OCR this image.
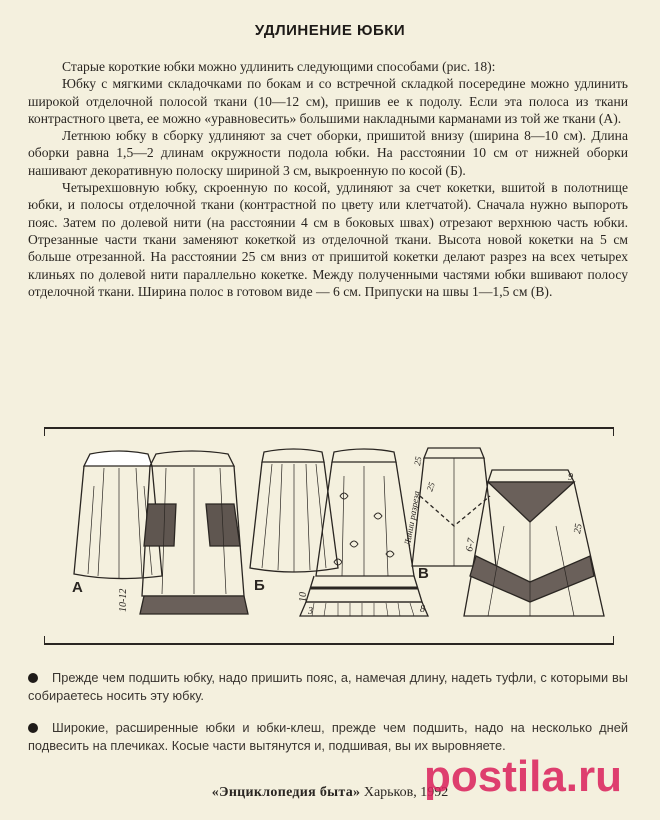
УДЛИНЕНИЕ ЮБКИ

Старые короткие юбки можно удлинить следующими способами (рис. 18):

Юбку с мягкими складочками по бокам и со встречной складкой посередине можно удлинить широкой отделочной полосой ткани (10—12 см), пришив ее к подолу. Если эта полоса из ткани контрастного цвета, ее можно «уравновесить» большими накладными карманами из той же ткани (А).

Летнюю юбку в сборку удлиняют за счет оборки, пришитой внизу (ширина 8—10 см). Длина оборки равна 1,5—2 длинам окружности подола юбки. На расстоянии 10 см от нижней оборки нашивают декоративную полоску шириной 3 см, выкроенную по косой (Б).

Четырехшовную юбку, скроенную по косой, удлиняют за счет кокетки, вшитой в полотнище юбки, и полосы отделочной ткани (контрастной по цвету или клетчатой). Сначала нужно выпороть пояс. Затем по долевой нити (на расстоянии 4 см в боковых швах) отрезают верхнюю часть юбки. Отрезанные части ткани заменяют кокеткой из отделочной ткани. Высота новой кокетки на 5 см больше отрезанной. На расстоянии 25 см вниз от пришитой кокетки делают разрез на всех четырех клиньях по долевой нити параллельно кокетке. Между полученными частями юбки вшивают полосу отделочной ткани. Ширина полос в готовом виде — 6 см. Припуски на швы 1—1,5 см (В).

А
10-12
Б
10
3	8
В
25
Линии разреза
25
9
25
6-7
Прежде чем подшить юбку, надо пришить пояс, а, намечая длину, надеть туфли, с которыми вы собираетесь носить эту юбку.
Широкие, расширенные юбки и юбки-клеш, прежде чем подшить, надо на несколько дней подвесить на плечиках. Косые части вытянутся и, подшивая, вы их выровняете.
«Энциклопедия быта» Харьков, 1992
postila.ru
